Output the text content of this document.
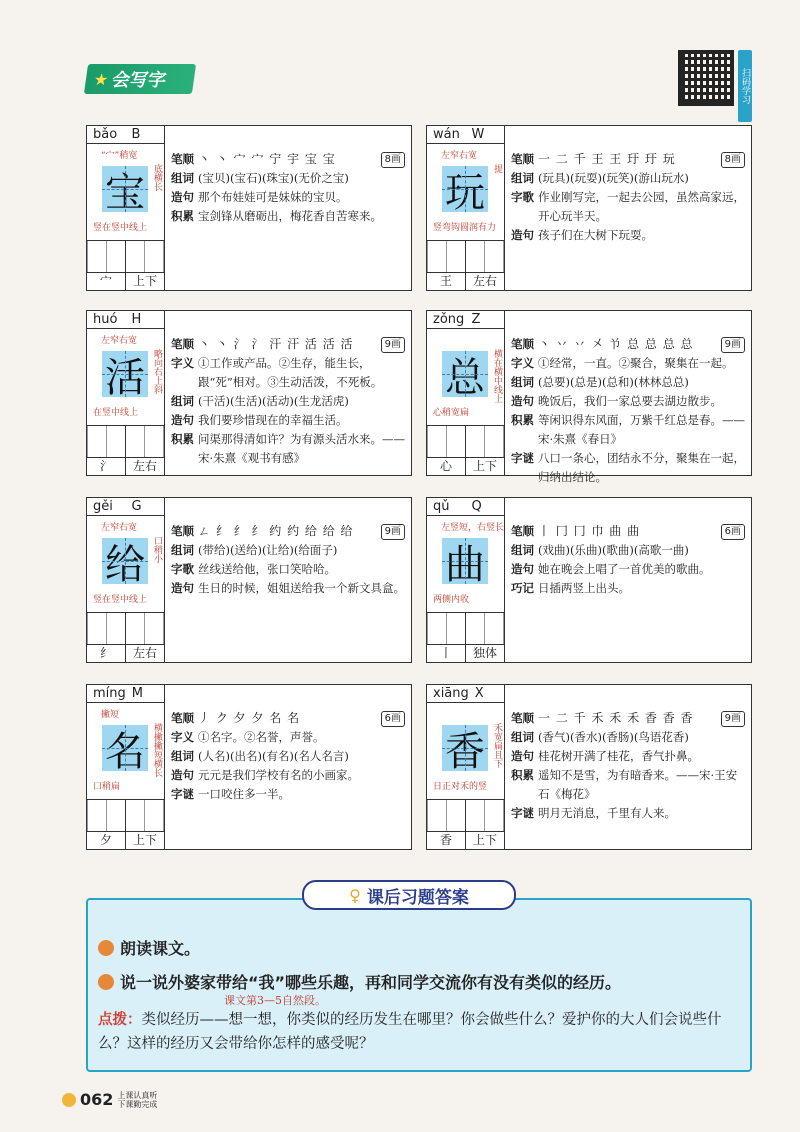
★ 会写字	扫码学习
bǎo	B
“宀”稍宽
底横长
宝
竖在竖中线上
宀	上下
笔顺 丶 丶 宀 宀 宁 宇 宝 宝	8画
组词 (宝贝)(宝石)(珠宝)(无价之宝)
造句 那个布娃娃可是妹妹的宝贝。
积累 宝剑锋从磨砺出，梅花香自苦寒来。
wán W
左窄右宽
提
玩
竖弯钩圆润有力
王	左右
笔顺 一 二 千 王 王 玗 玗 玩	8画
组词 (玩具)(玩耍)(玩笑)(游山玩水)
字歌 作业刚写完，一起去公园，虽然高家远，开心玩半天。
造句 孩子们在大树下玩耍。
huó	H
左窄右宽
略向右上斜
活
在竖中线上
氵	左右
笔顺 丶 丶 氵 氵 汗 汗 活 活 活	9画
字义 ①工作或产品。②生存，能生长，跟“死”相对。③生动活泼，不死板。
组词 (干活)(生活)(活动)(生龙活虎)
造句 我们要珍惜现在的幸福生活。
积累 问渠那得清如许？为有源头活水来。——宋·朱熹《观书有感》
zǒng Z
横在横中线上
总
心稍宽扁
心	上下
笔顺 丶 丷 丷 㐅 兯 总 总 总 总	9画
字义 ①经常，一直。②聚合，聚集在一起。
组词 (总要)(总是)(总和)(林林总总)
造句 晚饭后，我们一家总要去湖边散步。
积累 等闲识得东风面，万紫千红总是春。——宋·朱熹《春日》
字谜 八口一条心，团结永不分，聚集在一起，归纳出结论。
gěi	G
左窄右宽
口稍小
给
竖在竖中线上
纟	左右
笔顺 ㄥ 纟 纟 纟 约 约 给 给 给	9画
组词 (带给)(送给)(让给)(给面子)
字歌 丝线送给他，张口笑哈哈。
造句 生日的时候，姐姐送给我一个新文具盒。
qǔ	Q
左竖短，右竖长
曲
两侧内收
丨	独体
笔顺 丨 冂 冂 巾 曲 曲	6画
组词 (戏曲)(乐曲)(歌曲)(高歌一曲)
造句 她在晚会上唱了一首优美的歌曲。
巧记 日插两竖上出头。
míng M
撇短
横撇撇短横长
名
口稍扁
夕	上下
笔顺 丿 ク 夕 夕 名 名	6画
字义 ①名字。②名誉，声誉。
组词 (人名)(出名)(有名)(名人名言)
造句 元元是我们学校有名的小画家。
字谜 一口咬住多一半。
xiāng X
禾宽扁且下
香
日正对禾的竖
香	上下
笔顺 一 二 千 禾 禾 禾 香 香 香	9画
组词 (香气)(香水)(香肠)(鸟语花香)
造句 桂花树开满了桂花，香气扑鼻。
积累 遥知不是雪，为有暗香来。——宋·王安石《梅花》
字谜 明月无消息，千里有人来。
♀ 课后习题答案
朗读课文。
说一说外婆家带给“我”哪些乐趣，再和同学交流你有没有类似的经历。
课文第3—5自然段。
点拨：类似经历——想一想，你类似的经历发生在哪里？你会做些什么？爱护你的大人们会说些什么？这样的经历又会带给你怎样的感受呢？
062 上课认真听
下课勤完成
